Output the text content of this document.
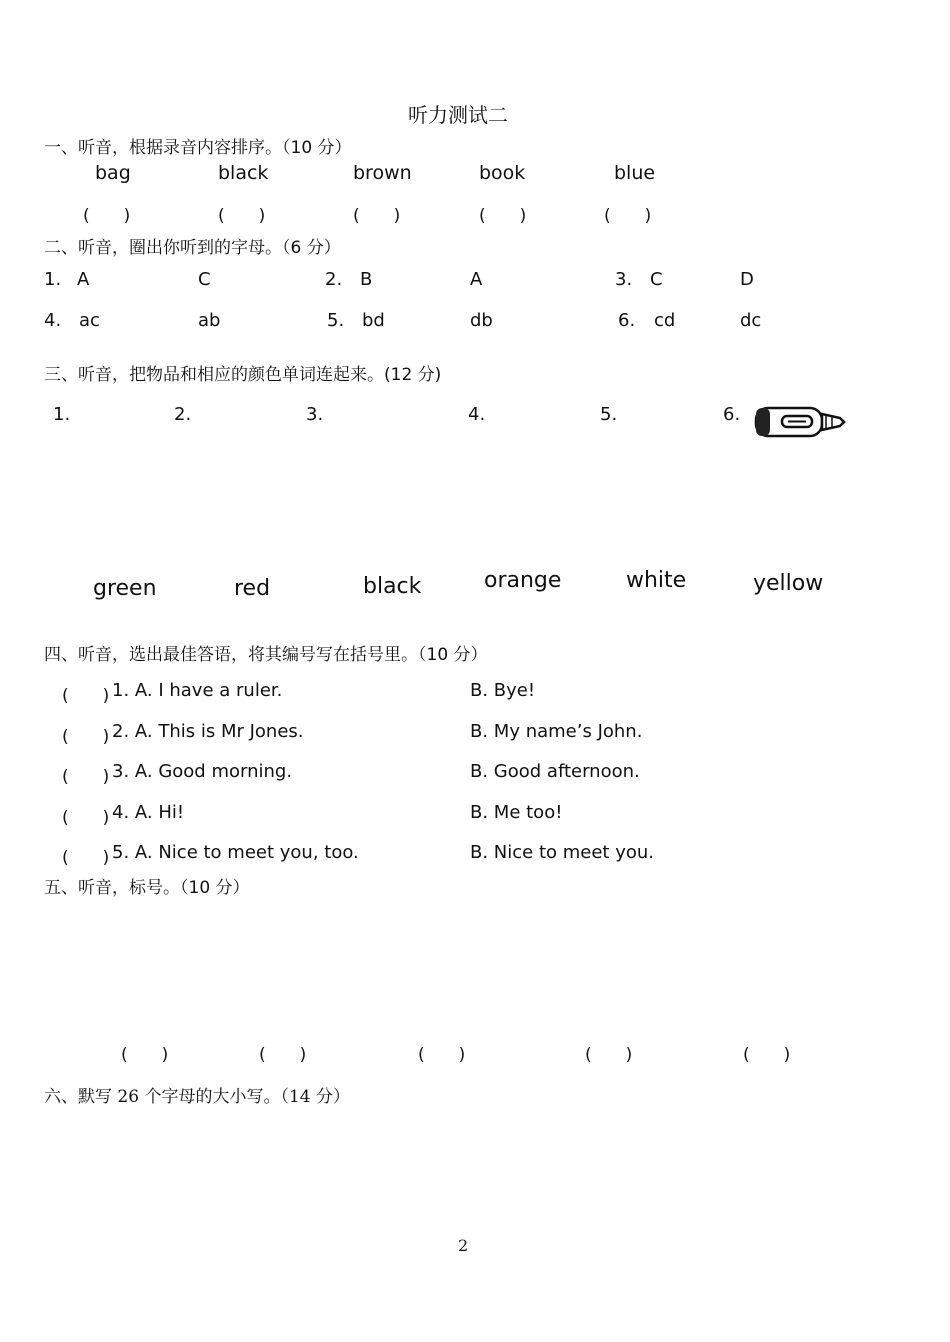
听力测试二
一、听音，根据录音内容排序。（10 分）
bag	black	brown	book	blue
(　　)	(　　)	(　　)	(　　)	(　　)
二、听音，圈出你听到的字母。（6 分）
1. A	C	2. B	A	3. C	D
4. ac	ab	5. bd	db	6. cd	dc
三、听音，把物品和相应的颜色单词连起来。(12 分)
1.	2.	3.	4.	5.	6.
green	red	black	orange	white	yellow
四、听音，选出最佳答语，将其编号写在括号里。（10 分）
(　　) 1. A. I have a ruler.	B. Bye!
(　　) 2. A. This is Mr Jones.	B. My name’s John.
(　　) 3. A. Good morning.	B. Good afternoon.
(　　) 4. A. Hi!	B. Me too!
(　　) 5. A. Nice to meet you, too.	B. Nice to meet you.
五、听音，标号。（10 分）
(　　)	(　　)	(　　)	(　　)	(　　)
六、默写 26 个字母的大小写。（14 分）
2
